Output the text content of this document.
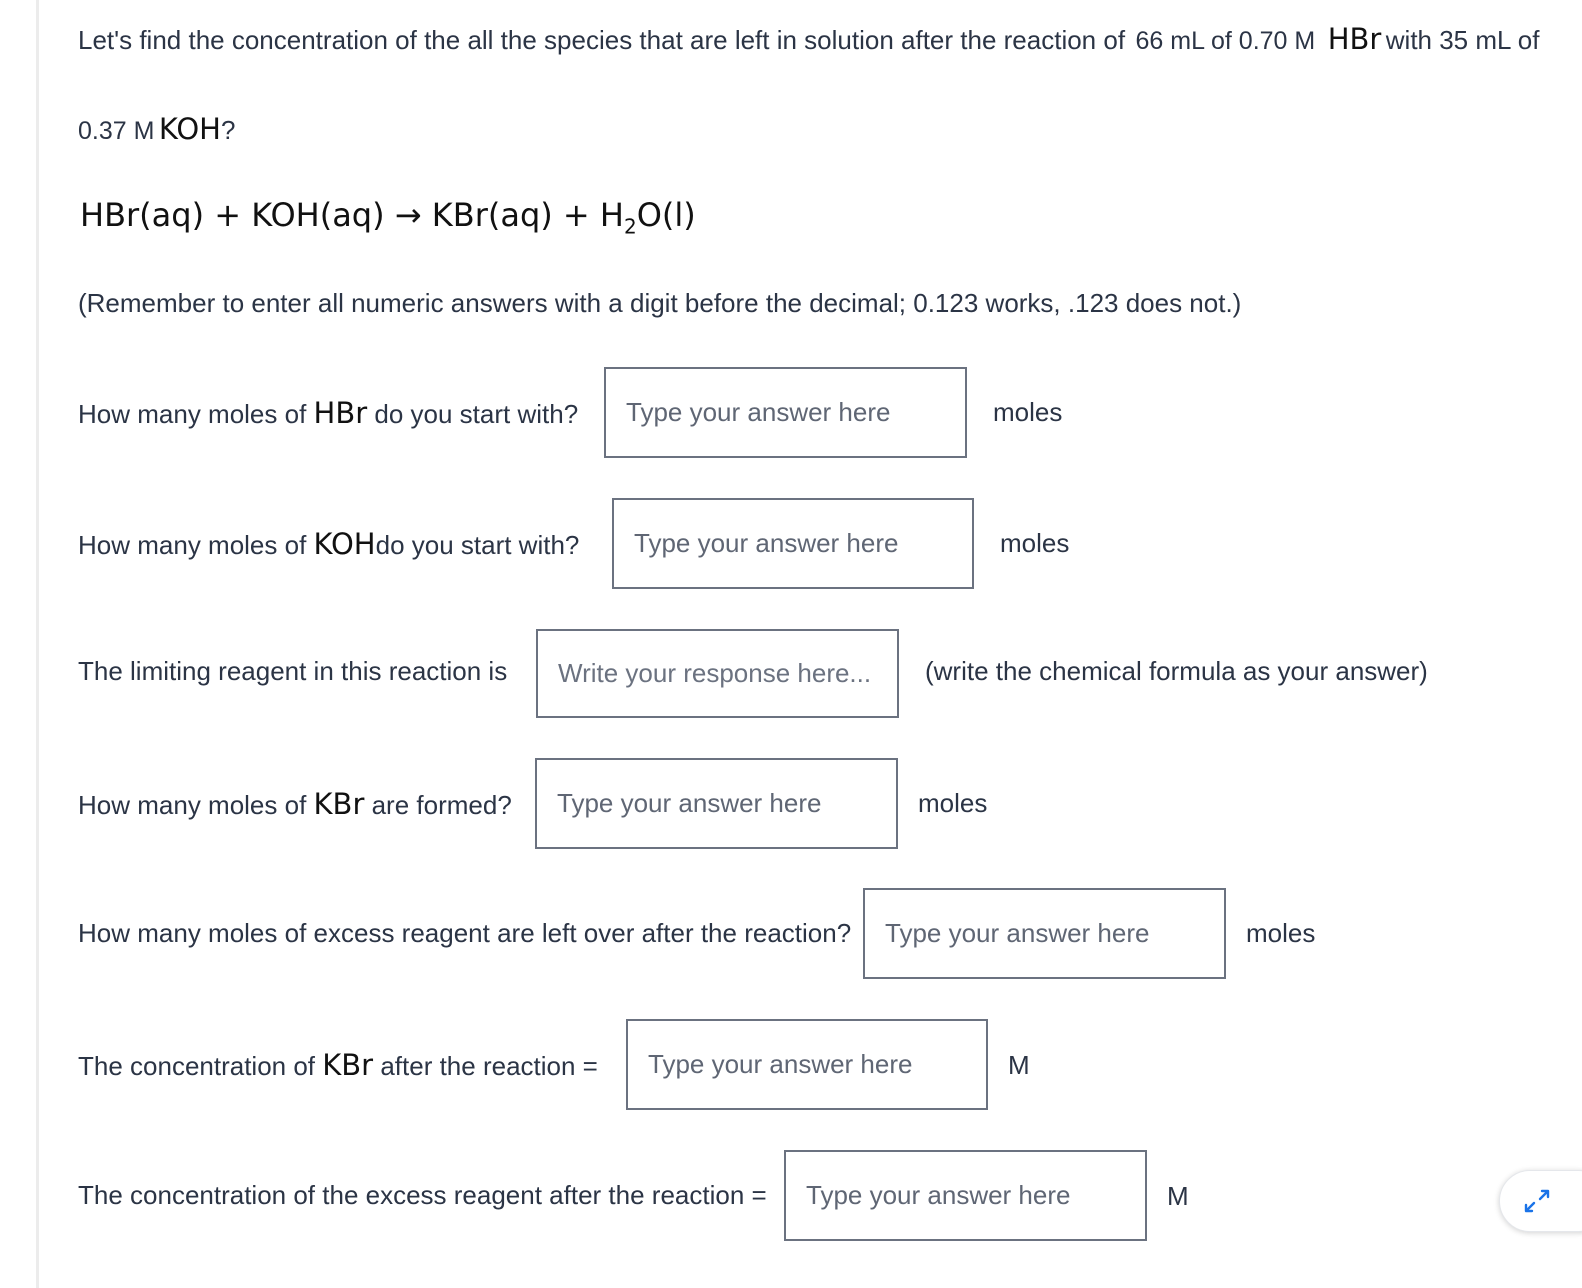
Let's find the concentration of the all the species that are left in solution after the reaction of 66 mL of 0.70 M HBr with 35 mL of
0.37 M KOH?
$HBr(aq) + KOH(aq) \to KBr(aq) + H_2O(l)$
(Remember to enter all numeric answers with a digit before the decimal; 0.123 works, .123 does not.)
How many moles of HBr do you start with?
Type your answer here	moles
How many moles of KOHdo you start with?
Type your answer here	moles
The limiting reagent in this reaction is
Write your response here...	(write the chemical formula as your answer)
How many moles of KBr are formed?
Type your answer here	moles
How many moles of excess reagent are left over after the reaction?
Type your answer here	moles
The concentration of KBr after the reaction =
Type your answer here	M
The concentration of the excess reagent after the reaction =
Type your answer here	M
